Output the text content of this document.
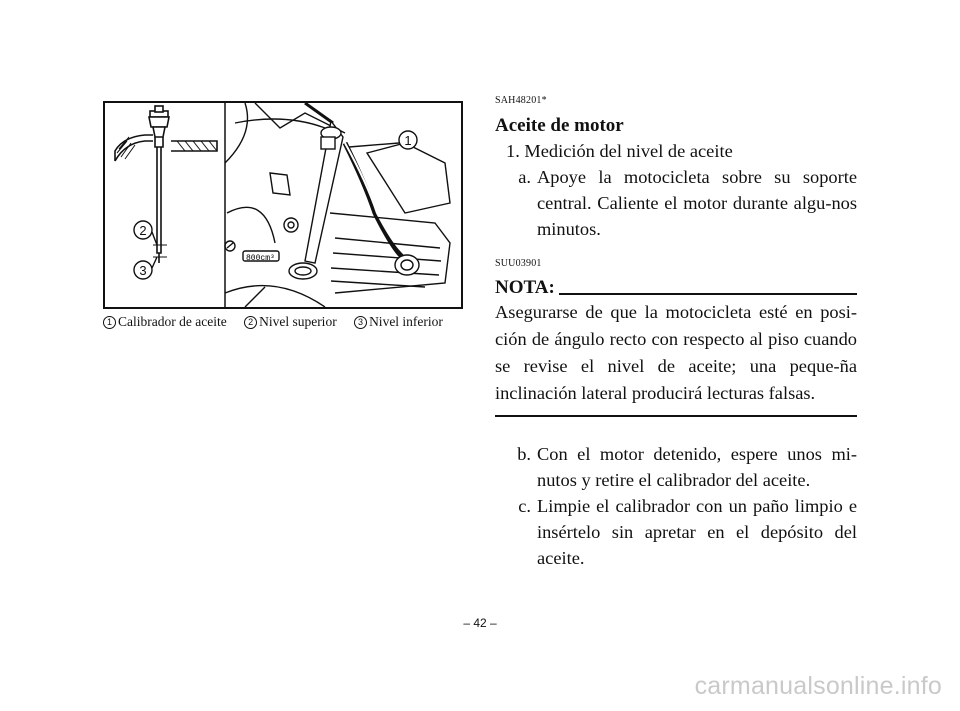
800cm³
1
2
3
1 Calibrador de aceite 2 Nivel superior 3 Nivel inferior
SAH48201*
Aceite de motor
1. Medición del nivel de aceite
a. Apoye la motocicleta sobre su soporte central. Caliente el motor durante algu-nos minutos.
SUU03901
NOTA:
Asegurarse de que la motocicleta esté en posi-ción de ángulo recto con respecto al piso cuando se revise el nivel de aceite; una peque-ña inclinación lateral producirá lecturas falsas.
b. Con el motor detenido, espere unos mi-nutos y retire el calibrador del aceite.
c. Limpie el calibrador con un paño limpio e insértelo sin apretar en el depósito del aceite.
– 42 –
carmanualsonline.info
